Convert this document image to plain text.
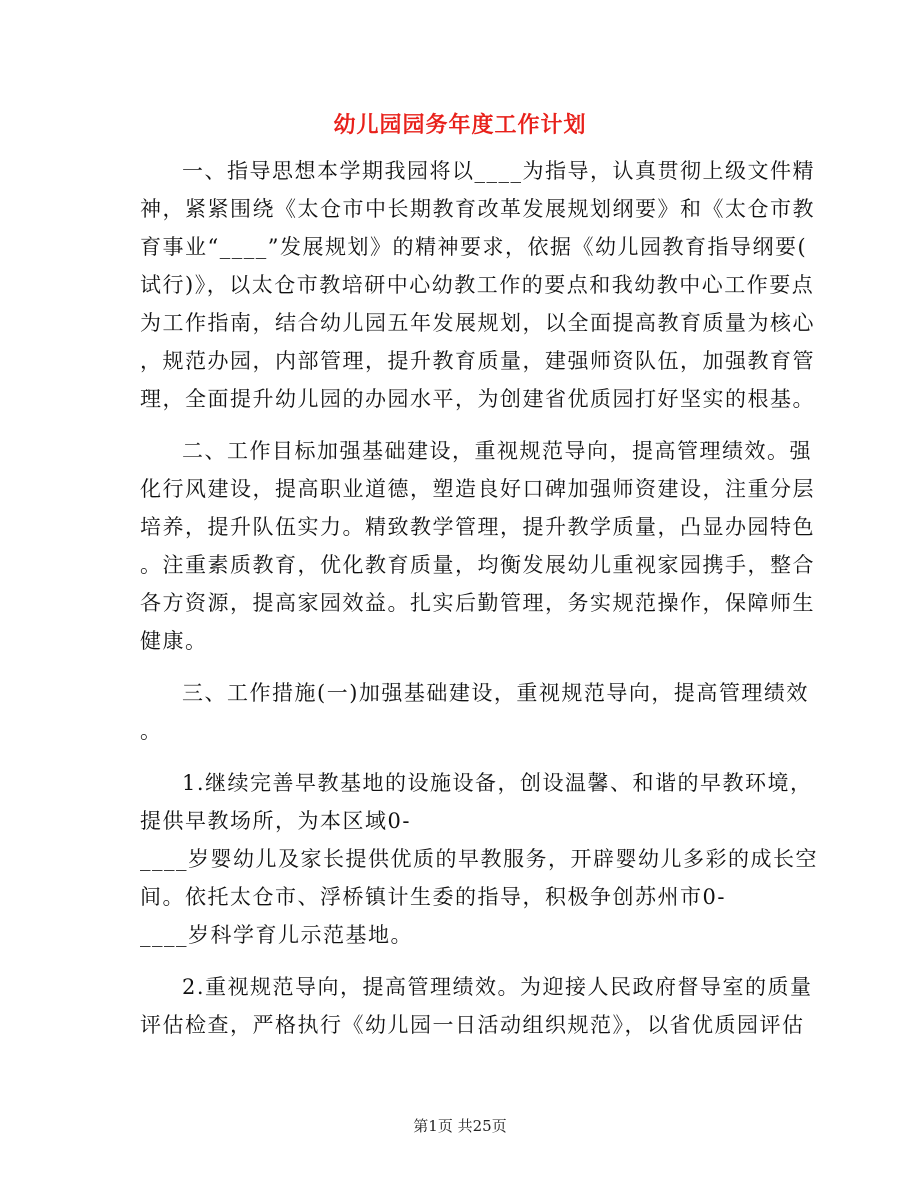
幼儿园园务年度工作计划

一、指导思想本学期我园将以____为指导，认真贯彻上级文件精
神，紧紧围绕《太仓市中长期教育改革发展规划纲要》和《太仓市教
育事业“____”发展规划》的精神要求，依据《幼儿园教育指导纲要(
试行)》，以太仓市教培研中心幼教工作的要点和我幼教中心工作要点
为工作指南，结合幼儿园五年发展规划，以全面提高教育质量为核心
，规范办园，内部管理，提升教育质量，建强师资队伍，加强教育管
理，全面提升幼儿园的办园水平，为创建省优质园打好坚实的根基。

二、工作目标加强基础建设，重视规范导向，提高管理绩效。强
化行风建设，提高职业道德，塑造良好口碑加强师资建设，注重分层
培养，提升队伍实力。精致教学管理，提升教学质量，凸显办园特色
。注重素质教育，优化教育质量，均衡发展幼儿重视家园携手，整合
各方资源，提高家园效益。扎实后勤管理，务实规范操作，保障师生
健康。

三、工作措施(一)加强基础建设，重视规范导向，提高管理绩效
。

1.继续完善早教基地的设施设备，创设温馨、和谐的早教环境，
提供早教场所，为本区域0-
____岁婴幼儿及家长提供优质的早教服务，开辟婴幼儿多彩的成长空
间。依托太仓市、浮桥镇计生委的指导，积极争创苏州市0-
____岁科学育儿示范基地。

2.重视规范导向，提高管理绩效。为迎接人民政府督导室的质量
评估检查，严格执行《幼儿园一日活动组织规范》，以省优质园评估

第1页 共25页
